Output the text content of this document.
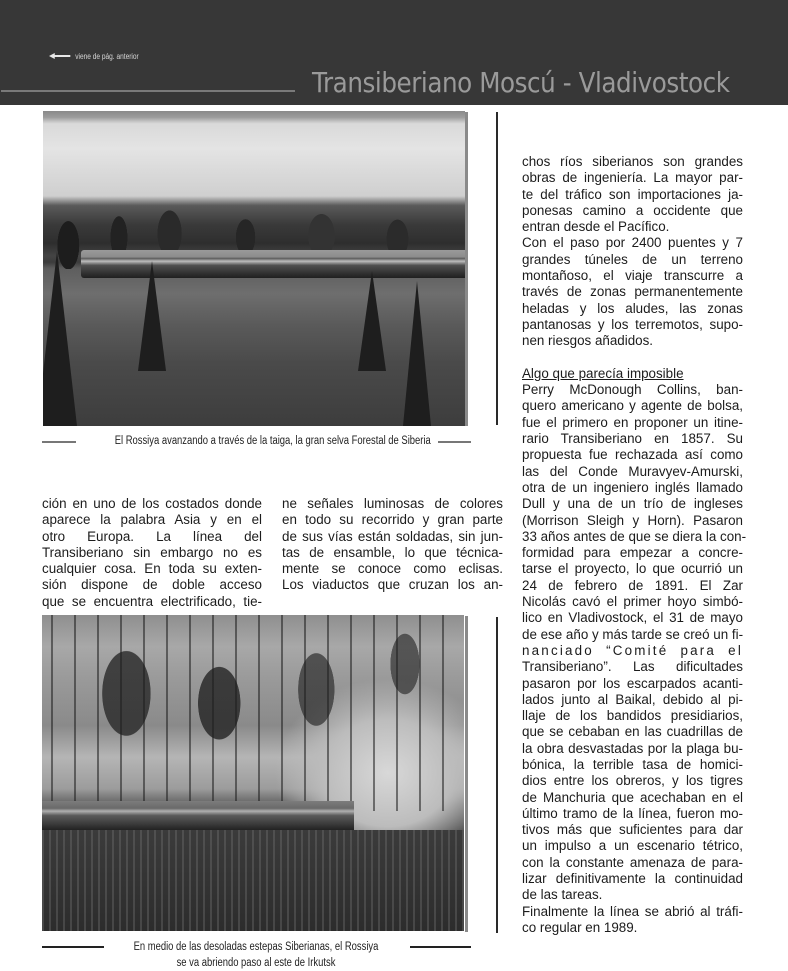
viene de pág. anterior
Transiberiano Moscú - Vladivostock
El Rossiya avanzando a través de la taiga, la gran selva Forestal de Siberia
ción en uno de los costados donde
aparece la palabra Asia y en el
otro Europa. La línea del
Transiberiano sin embargo no es
cualquier cosa. En toda su exten-
sión dispone de doble acceso
que se encuentra electrificado, tie-
ne señales luminosas de colores
en todo su recorrido y gran parte
de sus vías están soldadas, sin jun-
tas de ensamble, lo que técnica-
mente se conoce como eclisas.
Los viaductos que cruzan los an-
En medio de las desoladas estepas Siberianas, el Rossiya
se va abriendo paso al este de Irkutsk
chos ríos siberianos son grandes
obras de ingeniería. La mayor par-
te del tráfico son importaciones ja-
ponesas camino a occidente que
entran desde el Pacífico.
Con el paso por 2400 puentes y 7
grandes túneles de un terreno
montañoso, el viaje transcurre a
través de zonas permanentemente
heladas y los aludes, las zonas
pantanosas y los terremotos, supo-
nen riesgos añadidos.
Algo que parecía imposible
Perry McDonough Collins, ban-
quero americano y agente de bolsa,
fue el primero en proponer un itine-
rario Transiberiano en 1857. Su
propuesta fue rechazada así como
las del Conde Muravyev-Amurski,
otra de un ingeniero inglés llamado
Dull y una de un trío de ingleses
(Morrison Sleigh y Horn). Pasaron
33 años antes de que se diera la con-
formidad para empezar a concre-
tarse el proyecto, lo que ocurrió un
24 de febrero de 1891. El Zar
Nicolás cavó el primer hoyo simbó-
lico en Vladivostock, el 31 de mayo
de ese año y más tarde se creó un fi-
nanciado “Comité para el
Transiberiano”. Las dificultades
pasaron por los escarpados acanti-
lados junto al Baikal, debido al pi-
llaje de los bandidos presidiarios,
que se cebaban en las cuadrillas de
la obra desvastadas por la plaga bu-
bónica, la terrible tasa de homici-
dios entre los obreros, y los tigres
de Manchuria que acechaban en el
último tramo de la línea, fueron mo-
tivos más que suficientes para dar
un impulso a un escenario tétrico,
con la constante amenaza de para-
lizar definitivamente la continuidad
de las tareas.
Finalmente la línea se abrió al tráfi-
co regular en 1989.
